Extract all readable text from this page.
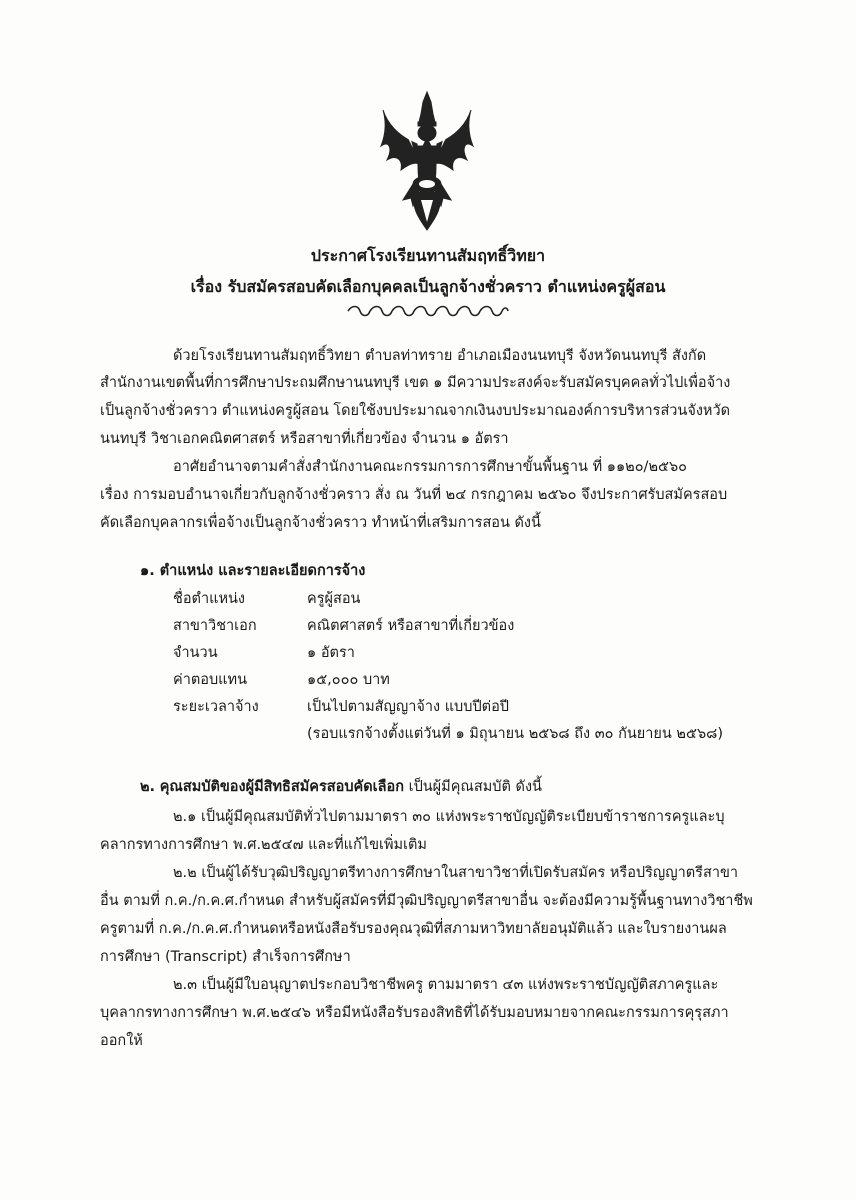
ประกาศโรงเรียนทานสัมฤทธิ์วิทยา
เรื่อง รับสมัครสอบคัดเลือกบุคคลเป็นลูกจ้างชั่วคราว ตำแหน่งครูผู้สอน
ด้วยโรงเรียนทานสัมฤทธิ์วิทยา ตำบลท่าทราย อำเภอเมืองนนทบุรี จังหวัดนนทบุรี สังกัด
สำนักงานเขตพื้นที่การศึกษาประถมศึกษานนทบุรี เขต ๑ มีความประสงค์จะรับสมัครบุคคลทั่วไปเพื่อจ้าง
เป็นลูกจ้างชั่วคราว ตำแหน่งครูผู้สอน โดยใช้งบประมาณจากเงินงบประมาณองค์การบริหารส่วนจังหวัด
นนทบุรี วิชาเอกคณิตศาสตร์ หรือสาขาที่เกี่ยวข้อง จำนวน ๑ อัตรา
อาศัยอำนาจตามคำสั่งสำนักงานคณะกรรมการการศึกษาขั้นพื้นฐาน ที่ ๑๑๒๐/๒๕๖๐
เรื่อง การมอบอำนาจเกี่ยวกับลูกจ้างชั่วคราว สั่ง ณ วันที่ ๒๔ กรกฎาคม ๒๕๖๐ จึงประกาศรับสมัครสอบ
คัดเลือกบุคลากรเพื่อจ้างเป็นลูกจ้างชั่วคราว ทำหน้าที่เสริมการสอน ดังนี้
๑. ตำแหน่ง และรายละเอียดการจ้าง
ชื่อตำแหน่ง	ครูผู้สอน
สาขาวิชาเอก	คณิตศาสตร์ หรือสาขาที่เกี่ยวข้อง
จำนวน	๑ อัตรา
ค่าตอบแทน	๑๕,๐๐๐ บาท
ระยะเวลาจ้าง	เป็นไปตามสัญญาจ้าง แบบปีต่อปี
(รอบแรกจ้างตั้งแต่วันที่ ๑ มิถุนายน ๒๕๖๘ ถึง ๓๐ กันยายน ๒๕๖๘)
๒. คุณสมบัติของผู้มีสิทธิสมัครสอบคัดเลือก เป็นผู้มีคุณสมบัติ ดังนี้
๒.๑ เป็นผู้มีคุณสมบัติทั่วไปตามมาตรา ๓๐ แห่งพระราชบัญญัติระเบียบข้าราชการครูและบุ
คลากรทางการศึกษา พ.ศ.๒๕๔๗ และที่แก้ไขเพิ่มเติม
๒.๒ เป็นผู้ได้รับวุฒิปริญญาตรีทางการศึกษาในสาขาวิชาที่เปิดรับสมัคร หรือปริญญาตรีสาขา
อื่น ตามที่ ก.ค./ก.ค.ศ.กำหนด สำหรับผู้สมัครที่มีวุฒิปริญญาตรีสาขาอื่น จะต้องมีความรู้พื้นฐานทางวิชาชีพ
ครูตามที่ ก.ค./ก.ค.ศ.กำหนดหรือหนังสือรับรองคุณวุฒิที่สภามหาวิทยาลัยอนุมัติแล้ว และใบรายงานผล
การศึกษา (Transcript) สำเร็จการศึกษา
๒.๓ เป็นผู้มีใบอนุญาตประกอบวิชาชีพครู ตามมาตรา ๔๓ แห่งพระราชบัญญัติสภาครูและ
บุคลากรทางการศึกษา พ.ศ.๒๕๔๖ หรือมีหนังสือรับรองสิทธิที่ได้รับมอบหมายจากคณะกรรมการคุรุสภา
ออกให้
